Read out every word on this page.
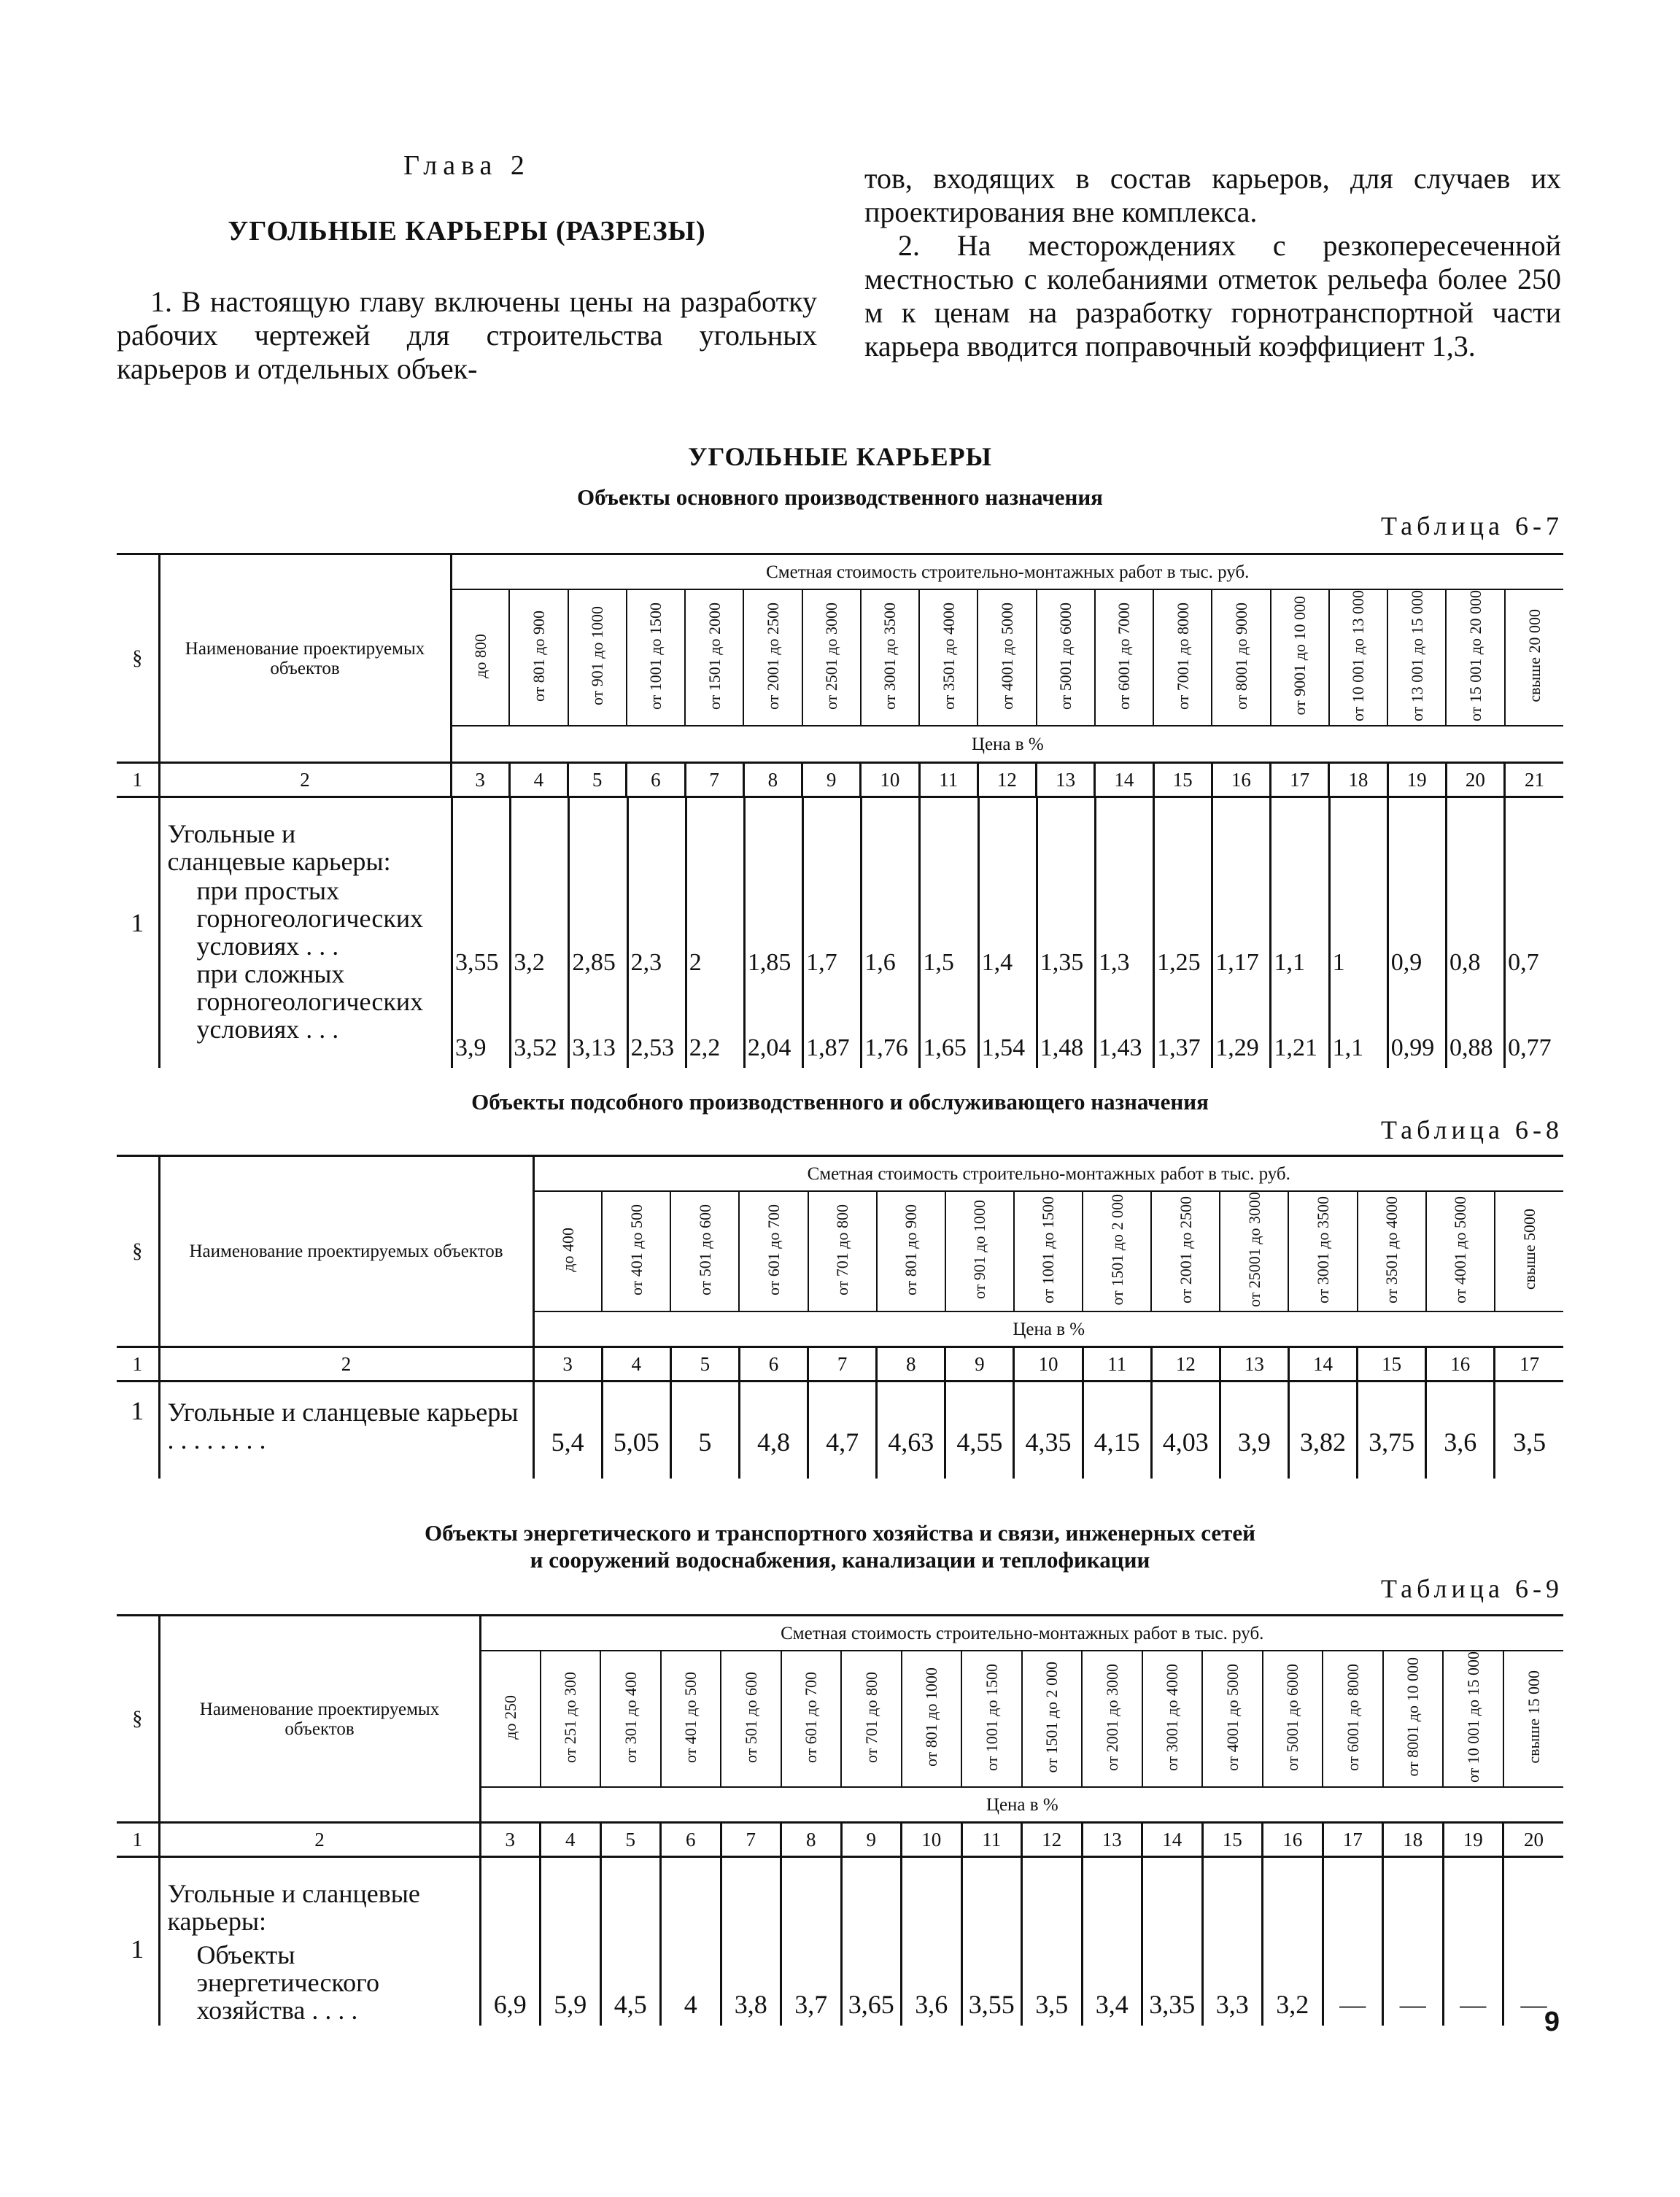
Глава 2
УГОЛЬНЫЕ КАРЬЕРЫ (РАЗРЕЗЫ)

1. В настоящую главу включены цены на разработку рабочих чертежей для строительства угольных карьеров и отдельных объек-

тов, входящих в состав карьеров, для случаев их проектирования вне комплекса.

2. На месторождениях с резкопересеченной местностью с колебаниями отметок рельефа более 250 м к ценам на разработку горнотранспортной части карьера вводится поправочный коэффициент 1,3.

УГОЛЬНЫЕ КАРЬЕРЫ
Объекты основного производственного назначения
Таблица 6-7
§	Наименование проектируемых объектов	Сметная стоимость строительно-монтажных работ в тыс. руб.
до 800	от 801 до 900	от 901 до 1000	от 1001 до 1500	от 1501 до 2000	от 2001 до 2500	от 2501 до 3000	от 3001 до 3500	от 3501 до 4000	от 4001 до 5000	от 5001 до 6000	от 6001 до 7000	от 7001 до 8000	от 8001 до 9000	от 9001 до 10 000	от 10 001 до 13 000	от 13 001 до 15 000	от 15 001 до 20 000	свыше 20 000
Цена в %
1	2	3	4	5	6	7	8	9	10	11	12	13	14	15	16	17	18	19	20	21
1	
Угольные и сланцевые карьеры:
при простых горногеологических условиях . . .
при сложных горногеологических условиях . . .

3,55	3,2	2,85	2,3	2	1,85	1,7	1,6	1,5	1,4	1,35	1,3	1,25	1,17	1,1	1	0,9	0,8	0,7
3,9	3,52	3,13	2,53	2,2	2,04	1,87	1,76	1,65	1,54	1,48	1,43	1,37	1,29	1,21	1,1	0,99	0,88	0,77
Объекты подсобного производственного и обслуживающего назначения
Таблица 6-8
§	Наименование проектируемых объектов	Сметная стоимость строительно-монтажных работ в тыс. руб.														
		до 400	от 401 до 500	от 501 до 600	от 601 до 700	от 701 до 800	от 801 до 900	от 901 до 1000	от 1001 до 1500	от 1501 до 2 000	от 2001 до 2500	от 25001 до 3000	от 3001 до 3500	от 3501 до 4000	от 4001 до 5000	свыше 5000
		Цена в %														
1	2	3	4	5	6	7	8	9	10	11	12	13	14	15	16	17
1	Угольные и сланцевые карьеры . . . . . . . .	5,4	5,05	5	4,8	4,7	4,63	4,55	4,35	4,15	4,03	3,9	3,82	3,75	3,6	3,5
Объекты энергетического и транспортного хозяйства и связи, инженерных сетей
и сооружений водоснабжения, канализации и теплофикации
Таблица 6-9
§	Наименование проектируемых объектов	Сметная стоимость строительно-монтажных работ в тыс. руб.																	
		до 250	от 251 до 300	от 301 до 400	от 401 до 500	от 501 до 600	от 601 до 700	от 701 до 800	от 801 до 1000	от 1001 до 1500	от 1501 до 2 000	от 2001 до 3000	от 3001 до 4000	от 4001 до 5000	от 5001 до 6000	от 6001 до 8000	от 8001 до 10 000	от 10 001 до 15 000	свыше 15 000
		Цена в %																	
1	2	3	4	5	6	7	8	9	10	11	12	13	14	15	16	17	18	19	20
1	Угольные и сланцевые карьеры:
Объекты энергетического хозяйства . . . .	6,9	5,9	4,5	4	3,8	3,7	3,65	3,6	3,55	3,5	3,4	3,35	3,3	3,2	—	—	—	—
9
